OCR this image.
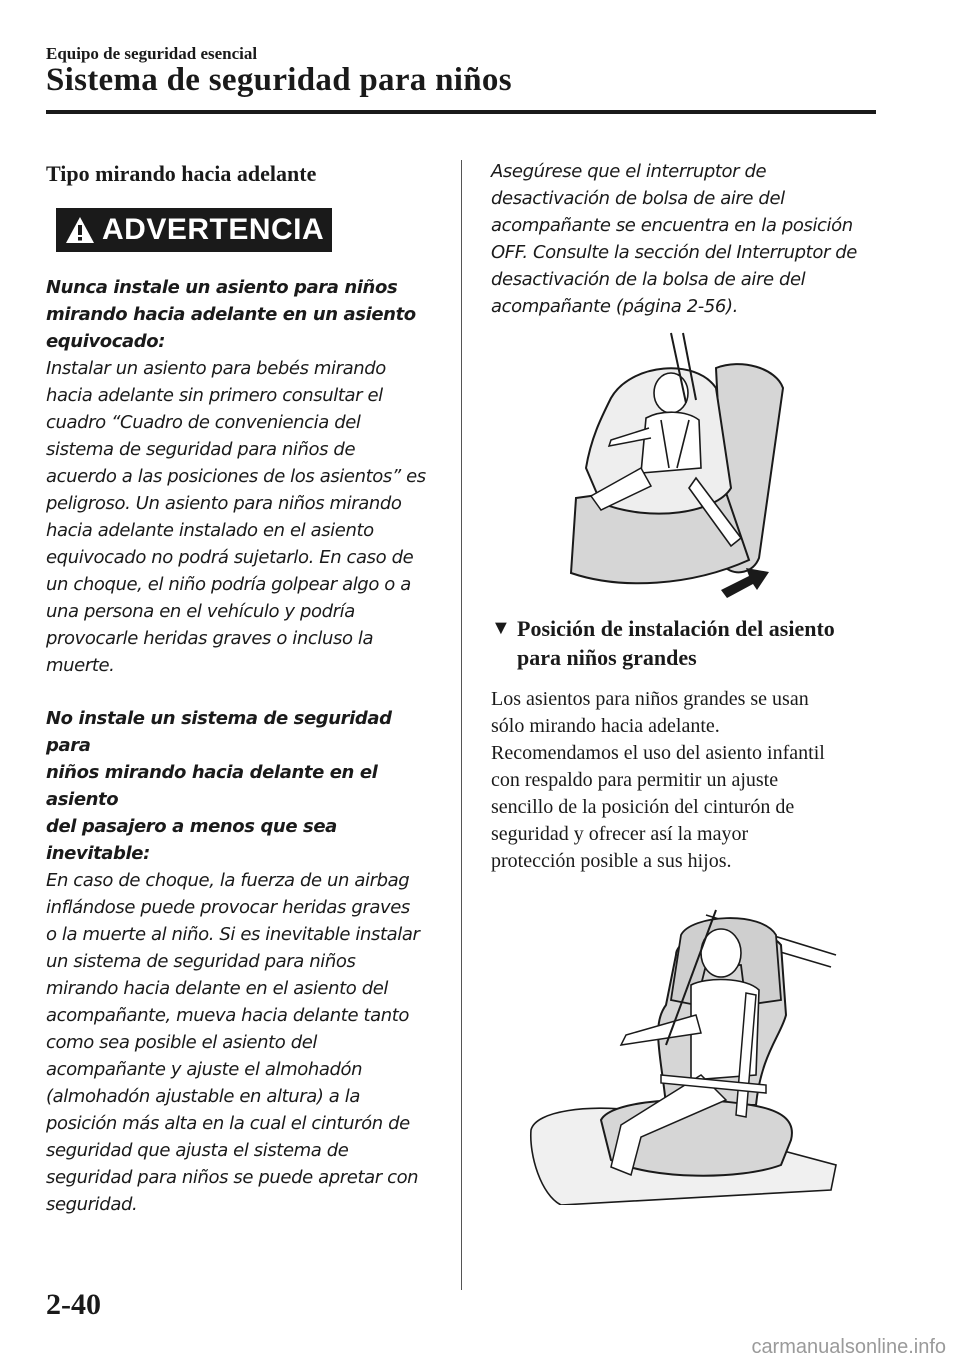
Equipo de seguridad esencial
Sistema de seguridad para niños
Tipo mirando hacia adelante
ADVERTENCIA

Nunca instale un asiento para niños

mirando hacia adelante en un asiento

equivocado:

Instalar un asiento para bebés mirando

hacia adelante sin primero consultar el

cuadro “Cuadro de conveniencia del

sistema de seguridad para niños de

acuerdo a las posiciones de los asientos” es

peligroso. Un asiento para niños mirando

hacia adelante instalado en el asiento

equivocado no podrá sujetarlo. En caso de

un choque, el niño podría golpear algo o a

una persona en el vehículo y podría

provocarle heridas graves o incluso la

muerte.

No instale un sistema de seguridad para

niños mirando hacia delante en el asiento

del pasajero a menos que sea inevitable:

En caso de choque, la fuerza de un airbag

inflándose puede provocar heridas graves

o la muerte al niño. Si es inevitable instalar

un sistema de seguridad para niños

mirando hacia delante en el asiento del

acompañante, mueva hacia delante tanto

como sea posible el asiento del

acompañante y ajuste el almohadón

(almohadón ajustable en altura) a la

posición más alta en la cual el cinturón de

seguridad que ajusta el sistema de

seguridad para niños se puede apretar con

seguridad.

Asegúrese que el interruptor de

desactivación de bolsa de aire del

acompañante se encuentra en la posición

OFF. Consulte la sección del Interruptor de

desactivación de la bolsa de aire del

acompañante (página 2-56).

▼ Posición de instalación del asiento
para niños grandes
Los asientos para niños grandes se usan
sólo mirando hacia adelante.
Recomendamos el uso del asiento infantil
con respaldo para permitir un ajuste
sencillo de la posición del cinturón de
seguridad y ofrecer así la mayor
protección posible a sus hijos.
2-40
carmanualsonline.info
